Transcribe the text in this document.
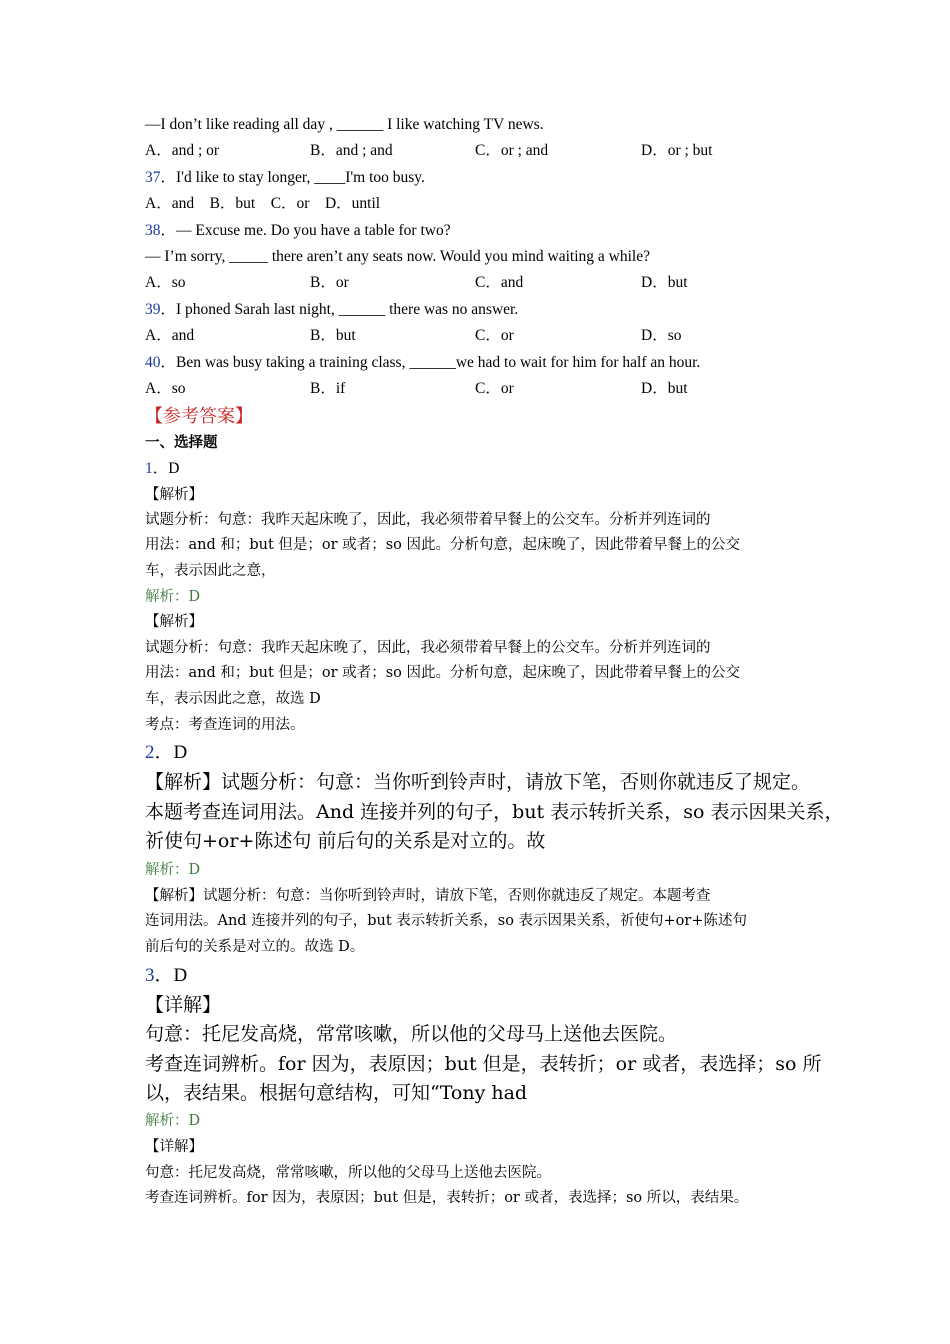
—I don’t like reading all day , ______ I like watching TV news.
A．and ; or	B．and ; and	C．or ; and	D．or ; but
37．I'd like to stay longer, ____I'm too busy.
A．and    B．but    C．or    D．until
38．— Excuse me. Do you have a table for two?
— I’m sorry, _____ there aren’t any seats now. Would you mind waiting a while?
A．so	B．or	C．and	D．but
39．I phoned Sarah last night, ______ there was no answer.
A．and	B．but	C．or	D．so
40．Ben was busy taking a training class, ______we had to wait for him for half an hour.
A．so	B．if	C．or	D．but
【参考答案】
一、选择题
1．D
【解析】
试题分析：句意：我昨天起床晚了，因此，我必须带着早餐上的公交车。分析并列连词的
用法：and 和；but 但是；or 或者；so 因此。分析句意，起床晚了，因此带着早餐上的公交
车，表示因此之意，
解析：D
【解析】
试题分析：句意：我昨天起床晚了，因此，我必须带着早餐上的公交车。分析并列连词的
用法：and 和；but 但是；or 或者；so 因此。分析句意，起床晚了，因此带着早餐上的公交
车，表示因此之意，故选 D
考点：考查连词的用法。
2．D
【解析】试题分析：句意：当你听到铃声时，请放下笔，否则你就违反了规定。
本题考查连词用法。And 连接并列的句子，but 表示转折关系，so 表示因果关系，
祈使句+or+陈述句 前后句的关系是对立的。故
解析：D
【解析】试题分析：句意：当你听到铃声时，请放下笔，否则你就违反了规定。本题考查
连词用法。And 连接并列的句子，but 表示转折关系，so 表示因果关系，祈使句+or+陈述句
前后句的关系是对立的。故选 D。
3．D
【详解】
句意：托尼发高烧，常常咳嗽，所以他的父母马上送他去医院。
考查连词辨析。for 因为，表原因；but 但是，表转折；or 或者，表选择；so 所
以，表结果。根据句意结构，可知“Tony had
解析：D
【详解】
句意：托尼发高烧，常常咳嗽，所以他的父母马上送他去医院。
考查连词辨析。for 因为，表原因；but 但是，表转折；or 或者，表选择；so 所以，表结果。
